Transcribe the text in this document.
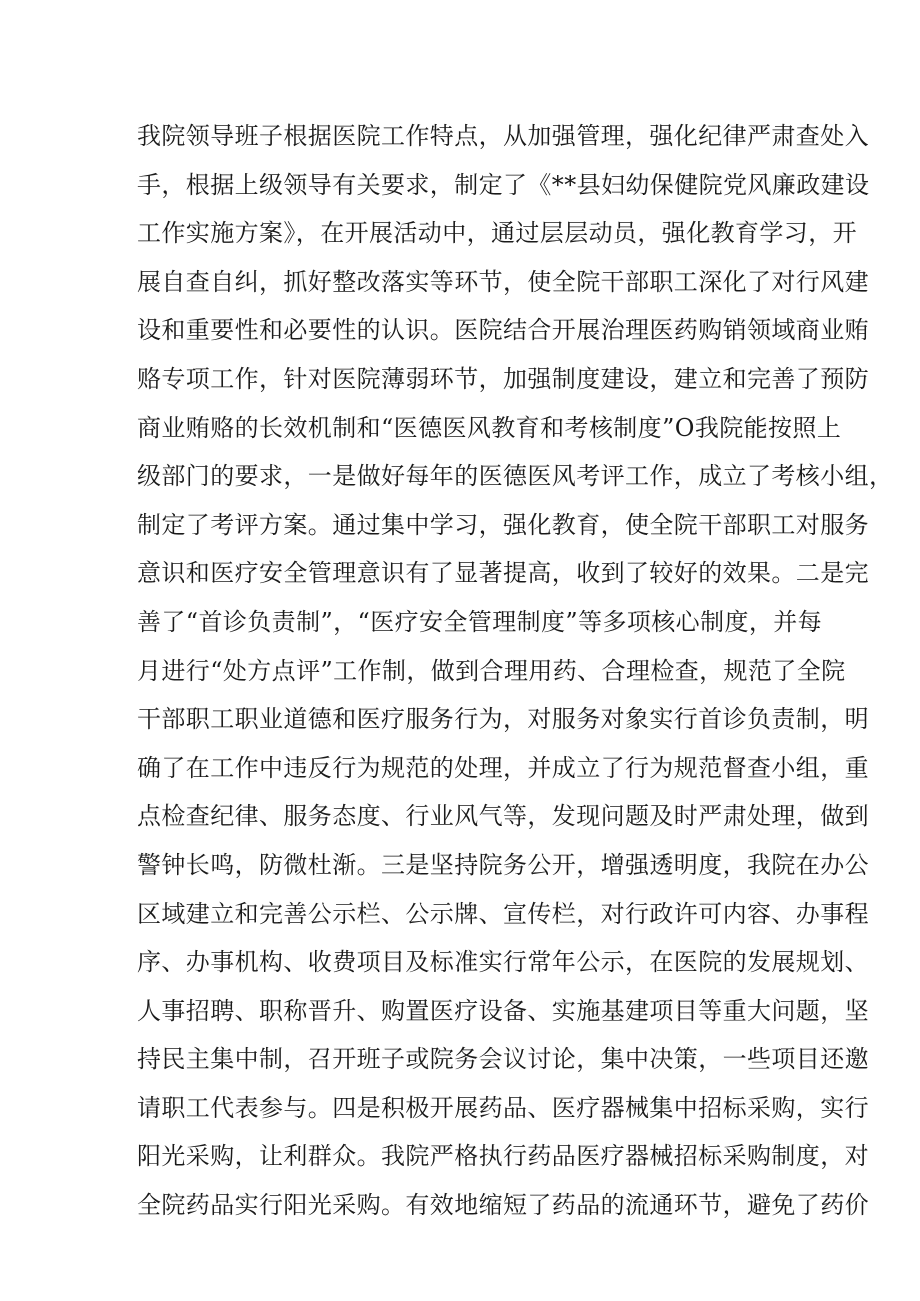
我院领导班子根据医院工作特点，从加强管理，强化纪律严肃查处入
手，根据上级领导有关要求，制定了《**县妇幼保健院党风廉政建设
工作实施方案》，在开展活动中，通过层层动员，强化教育学习，开
展自查自纠，抓好整改落实等环节，使全院干部职工深化了对行风建
设和重要性和必要性的认识。医院结合开展治理医药购销领域商业贿
赂专项工作，针对医院薄弱环节，加强制度建设，建立和完善了预防
商业贿赂的长效机制和“医德医风教育和考核制度”O我院能按照上
级部门的要求，一是做好每年的医德医风考评工作，成立了考核小组，
制定了考评方案。通过集中学习，强化教育，使全院干部职工对服务
意识和医疗安全管理意识有了显著提高，收到了较好的效果。二是完
善了“首诊负责制”，“医疗安全管理制度”等多项核心制度，并每
月进行“处方点评”工作制，做到合理用药、合理检查，规范了全院
干部职工职业道德和医疗服务行为，对服务对象实行首诊负责制，明
确了在工作中违反行为规范的处理，并成立了行为规范督查小组，重
点检查纪律、服务态度、行业风气等，发现问题及时严肃处理，做到
警钟长鸣，防微杜渐。三是坚持院务公开，增强透明度，我院在办公
区域建立和完善公示栏、公示牌、宣传栏，对行政许可内容、办事程
序、办事机构、收费项目及标准实行常年公示，在医院的发展规划、
人事招聘、职称晋升、购置医疗设备、实施基建项目等重大问题，坚
持民主集中制，召开班子或院务会议讨论，集中决策，一些项目还邀
请职工代表参与。四是积极开展药品、医疗器械集中招标采购，实行
阳光采购，让利群众。我院严格执行药品医疗器械招标采购制度，对
全院药品实行阳光采购。有效地缩短了药品的流通环节，避免了药价
